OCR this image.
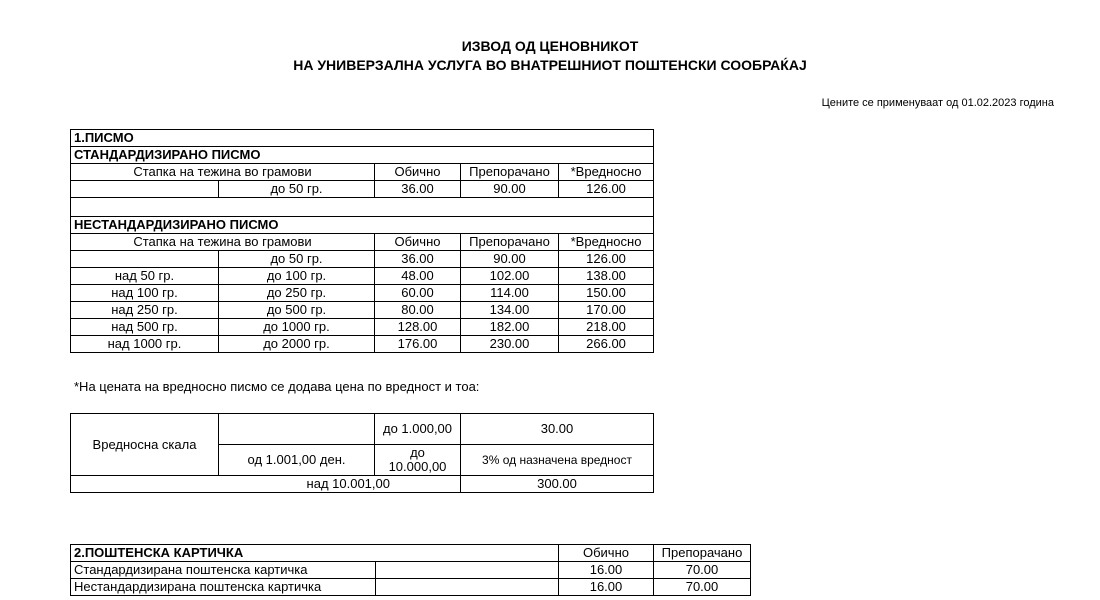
ИЗВОД ОД ЦЕНОВНИКОТ
НА УНИВЕРЗАЛНА УСЛУГА ВО ВНАТРЕШНИОТ ПОШТЕНСКИ СООБРАЌАЈ
Цените се применуваат од 01.02.2023 година
1.ПИСМО				
СТАНДАРДИЗИРАНО ПИСМО				
Стапка на тежина во грамови		Обично	Препорачано	*Вредносно
	до 50 гр.	36.00	90.00	126.00

НЕСТАНДАРДИЗИРАНО ПИСМО				
Стапка на тежина во грамови		Обично	Препорачано	*Вредносно
	до 50 гр.	36.00	90.00	126.00
над 50 гр.	до 100 гр.	48.00	102.00	138.00
над 100 гр.	до 250 гр.	60.00	114.00	150.00
над 250 гр.	до 500 гр.	80.00	134.00	170.00
над 500 гр.	до 1000 гр.	128.00	182.00	218.00
над 1000 гр.	до 2000 гр.	176.00	230.00	266.00
*На цената на вредносно писмо се додава цена по вредност и тоа:
Вредносна скала		до 1.000,00	30.00
	од 1.001,00 ден.	до
10.000,00	3% од назначена вредност
над 10.001,00			300.00
2.ПОШТЕНСКА КАРТИЧКА		Обично	Препорачано
Стандардизирана поштенска картичка		16.00	70.00
Нестандардизирана поштенска картичка		16.00	70.00
